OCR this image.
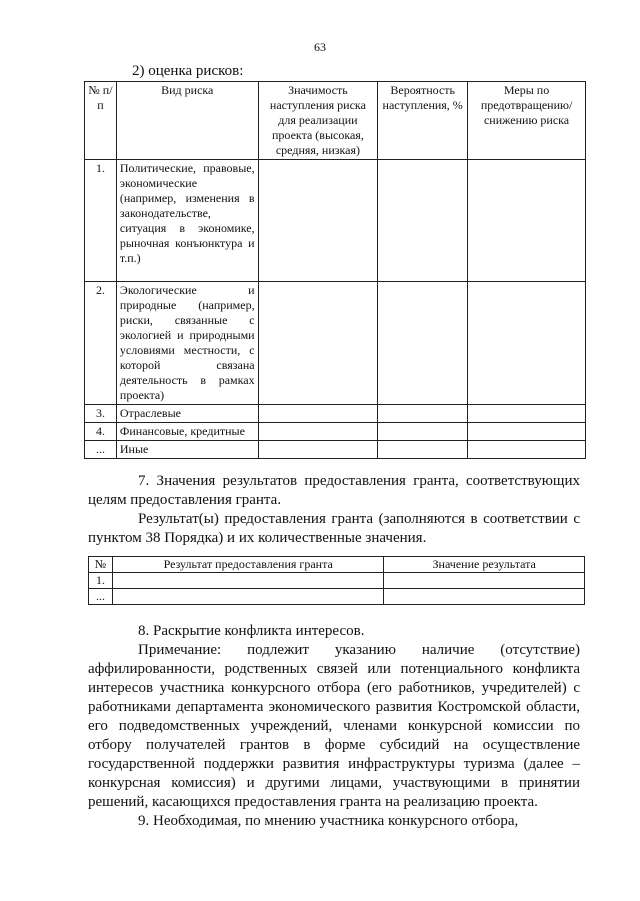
63
2) оценка рисков:
№ п/п	Вид риска	Значимость наступления риска для реализации проекта (высокая, средняя, низкая)	Вероятность наступления, %	Меры по предотвращению/ снижению риска
1.	Политические, правовые, экономические (например, изменения в законодательстве, ситуация в экономике, рыночная конъюнктура и т.п.)			
2.	Экологические и природные (например, риски, связанные с экологией и природными условиями местности, с которой связана деятельность в рамках проекта)			
3.	Отраслевые			
4.	Финансовые, кредитные			
...	Иные			
7. Значения результатов предоставления гранта, соответствующих целям предоставления гранта.
Результат(ы) предоставления гранта (заполняются в соответствии с пунктом 38 Порядка) и их количественные значения.
№	Результат предоставления гранта	Значение результата
1.		
...		
8. Раскрытие конфликта интересов.
Примечание: подлежит указанию наличие (отсутствие) аффилированности, родственных связей или потенциального конфликта интересов участника конкурсного отбора (его работников, учредителей) с работниками департамента экономического развития Костромской области, его подведомственных учреждений, членами конкурсной комиссии по отбору получателей грантов в форме субсидий на осуществление государственной поддержки развития инфраструктуры туризма (далее – конкурсная комиссия) и другими лицами, участвующими в принятии решений, касающихся предоставления гранта на реализацию проекта.
9. Необходимая, по мнению участника конкурсного отбора,
